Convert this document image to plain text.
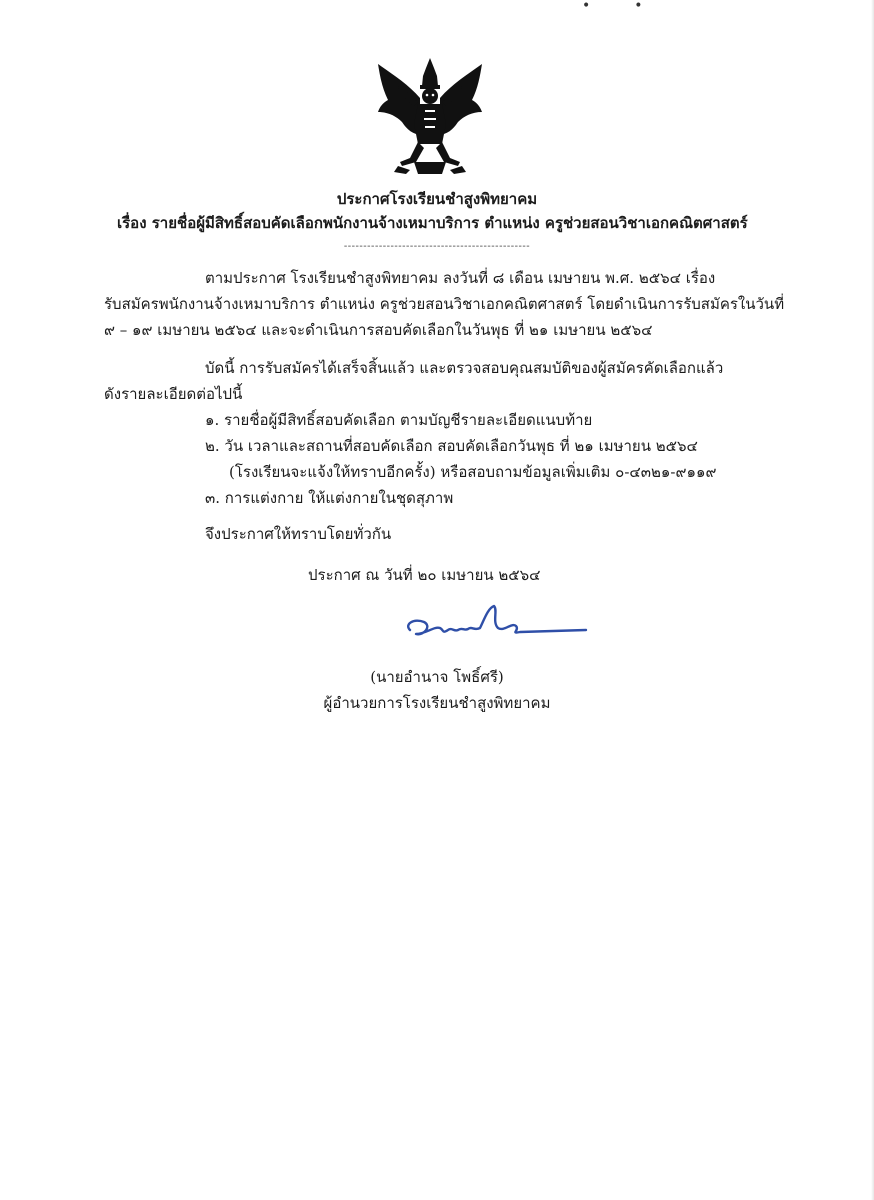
••
ประกาศโรงเรียนชำสูงพิทยาคม
เรื่อง รายชื่อผู้มีสิทธิ์สอบคัดเลือกพนักงานจ้างเหมาบริการ ตำแหน่ง ครูช่วยสอนวิชาเอกคณิตศาสตร์
------------------------------------------------
ตามประกาศ โรงเรียนชำสูงพิทยาคม ลงวันที่ ๘ เดือน เมษายน พ.ศ. ๒๕๖๔ เรื่อง
รับสมัครพนักงานจ้างเหมาบริการ ตำแหน่ง ครูช่วยสอนวิชาเอกคณิตศาสตร์ โดยดำเนินการรับสมัครในวันที่
๙ – ๑๙ เมษายน ๒๕๖๔ และจะดำเนินการสอบคัดเลือกในวันพุธ ที่ ๒๑ เมษายน ๒๕๖๔
บัดนี้ การรับสมัครได้เสร็จสิ้นแล้ว และตรวจสอบคุณสมบัติของผู้สมัครคัดเลือกแล้ว
ดังรายละเอียดต่อไปนี้
๑. รายชื่อผู้มีสิทธิ์สอบคัดเลือก ตามบัญชีรายละเอียดแนบท้าย
๒. วัน เวลาและสถานที่สอบคัดเลือก สอบคัดเลือกวันพุธ ที่ ๒๑ เมษายน ๒๕๖๔
(โรงเรียนจะแจ้งให้ทราบอีกครั้ง) หรือสอบถามข้อมูลเพิ่มเติม ๐-๔๓๒๑-๙๑๑๙
๓. การแต่งกาย ให้แต่งกายในชุดสุภาพ
จึงประกาศให้ทราบโดยทั่วกัน
ประกาศ ณ วันที่ ๒๐ เมษายน ๒๕๖๔
(นายอำนาจ โพธิ์ศรี)
ผู้อำนวยการโรงเรียนชำสูงพิทยาคม
